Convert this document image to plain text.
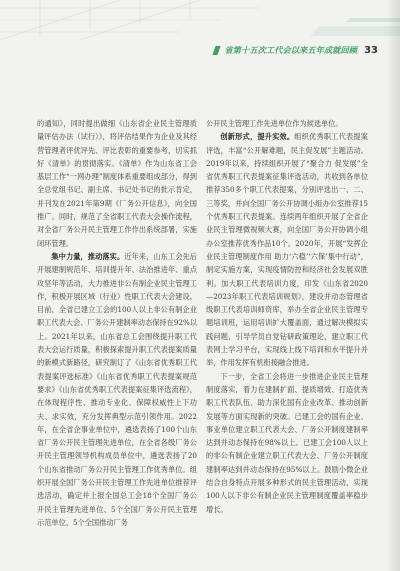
省第十五次工代会以来五年成就回顾 33

的通知》，同时提出做细《山东省企业民主管理质量评估办法（试行）》，将评估结果作为企业及其经营管理者评优评先、评比表彰的重要参考，切实抓好《清单》的贯彻落实。《清单》作为山东省工会基层工作“一网办理”制度体系重要组成部分，得到全总党组书记、副主席、书记处书记的批示肯定，并刊发在2021年第9期《厂务公开信息》，向全国推广。同时，规范了全省职工代表大会操作流程，对全省厂务公开民主管理工作作出系统部署，实施闭环管理。

集中力量，推动落实。近年来，山东工会先后开展建制规范年、培训提升年、法治推进年、重点攻坚年等活动，大力推进非公有制企业民主管理工作，积极开展区域（行业）性职工代表大会建设。目前，全省已建立工会的100人以上非公有制企业职工代表大会、厂务公开建制率动态保持在92%以上。2021年以来，山东省总工会围绕提升职工代表大会运行质量，积极探索提升职工代表提案质量的新模式新路径，研究制订了《山东省优秀职工代表提案评选标准》《山东省优秀职工代表提案规范要求》《山东省优秀职工代表提案征集评选流程》，在体现程序性、推动专业化、保障权威性上下功夫、求实效，充分发挥典型示范引领作用。2022年，在全省企事业单位中，遴选表扬了100个山东省厂务公开民主管理先进单位，在全省各级厂务公开民主管理领导机构成员单位中，遴选表扬了20个山东省推动厂务公开民主管理工作优秀单位。组织开展全国厂务公开民主管理工作先进单位推荐评选活动，确定并上报全国总工会18个全国厂务公开民主管理先进单位、5个全国厂务公开民主管理示范单位、5个全国推动厂务

公开民主管理工作先进单位作为候选单位。

创新形式，提升实效。组织优秀职工代表提案评选，丰富“公开解难题，民主促发展”主题活动。2019年以来，持续组织开展了“聚合力 促发展”全省优秀职工代表提案征集评选活动，共收到各单位推荐350多个职工代表提案，分别评选出一、二、三等奖，并向全国厂务公开协调小组办公室推荐15个优秀职工代表提案。连续两年组织开展了全省企业民主管理微视频大赛，向全国厂务公开协调小组办公室推荐优秀作品10个。2020年，开展“发挥企业民主管理制度作用 助力‘六稳’‘六保’集中行动”，制定实施方案，实现疫情防控和经济社会发展双胜利。加大职工代表培训力度，印发《山东省2020—2023年职工代表培训规划》，建设并动态管理省级职工代表培训师资库，举办全省企业民主管理专题培训班，运用培训扩大覆盖面，通过解决模拟实践问题，引导学员自觉钻研政策理论，建立职工代表网上学习平台，实现线上线下培训和水平提升并举，作用发挥有机衔接融合推进。

下一步，全省工会将进一步推进企业民主管理制度落实，着力在建制扩面、提质增效、打造优秀职工代表队伍、助力深化国有企业改革、推动创新发展等方面实现新的突破。已建工会的国有企业、事业单位建立职工代表大会、厂务公开制度建制率达到并动态保持在98%以上。已建工会100人以上的非公有制企业建立职工代表大会、厂务公开制度建制率达到并动态保持在95%以上。鼓励小微企业结合自身特点开展多种形式的民主管理活动，实现100人以下非公有制企业民主管理制度覆盖率稳步增长。
